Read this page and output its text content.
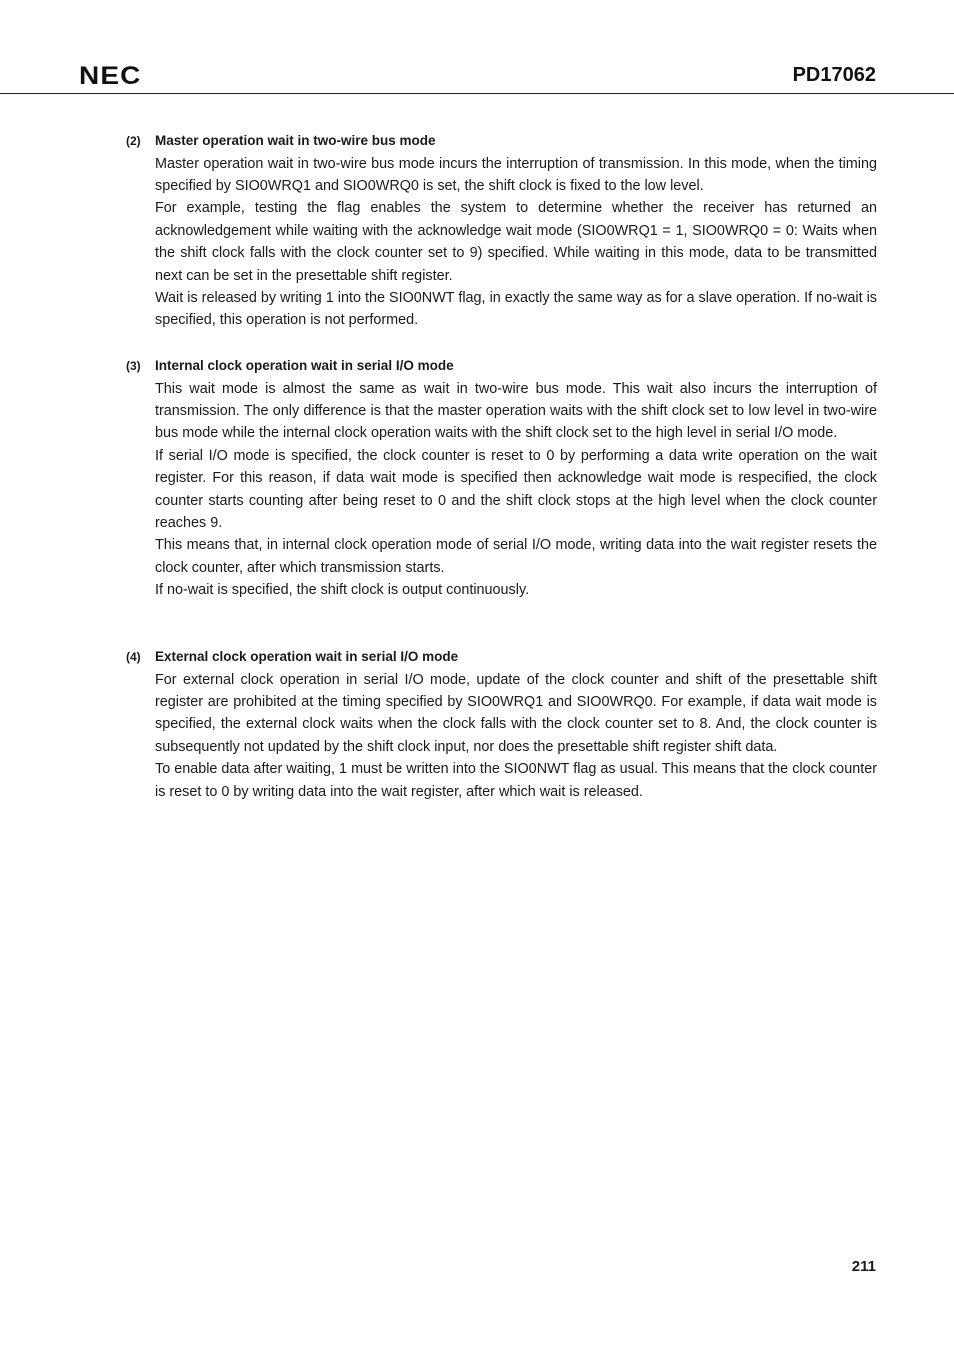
NEC	PD17062
(2) Master operation wait in two-wire bus mode

Master operation wait in two-wire bus mode incurs the interruption of transmission. In this mode, when the timing specified by SIO0WRQ1 and SIO0WRQ0 is set, the shift clock is fixed to the low level.

For example, testing the flag enables the system to determine whether the receiver has returned an acknowledgement while waiting with the acknowledge wait mode (SIO0WRQ1 = 1, SIO0WRQ0 = 0: Waits when the shift clock falls with the clock counter set to 9) specified. While waiting in this mode, data to be transmitted next can be set in the presettable shift register.

Wait is released by writing 1 into the SIO0NWT flag, in exactly the same way as for a slave operation. If no-wait is specified, this operation is not performed.

(3) Internal clock operation wait in serial I/O mode

This wait mode is almost the same as wait in two-wire bus mode. This wait also incurs the interruption of transmission. The only difference is that the master operation waits with the shift clock set to low level in two-wire bus mode while the internal clock operation waits with the shift clock set to the high level in serial I/O mode.

If serial I/O mode is specified, the clock counter is reset to 0 by performing a data write operation on the wait register. For this reason, if data wait mode is specified then acknowledge wait mode is respecified, the clock counter starts counting after being reset to 0 and the shift clock stops at the high level when the clock counter reaches 9.

This means that, in internal clock operation mode of serial I/O mode, writing data into the wait register resets the clock counter, after which transmission starts.

If no-wait is specified, the shift clock is output continuously.

(4) External clock operation wait in serial I/O mode

For external clock operation in serial I/O mode, update of the clock counter and shift of the presettable shift register are prohibited at the timing specified by SIO0WRQ1 and SIO0WRQ0. For example, if data wait mode is specified, the external clock waits when the clock falls with the clock counter set to 8. And, the clock counter is subsequently not updated by the shift clock input, nor does the presettable shift register shift data.

To enable data after waiting, 1 must be written into the SIO0NWT flag as usual. This means that the clock counter is reset to 0 by writing data into the wait register, after which wait is released.

211
